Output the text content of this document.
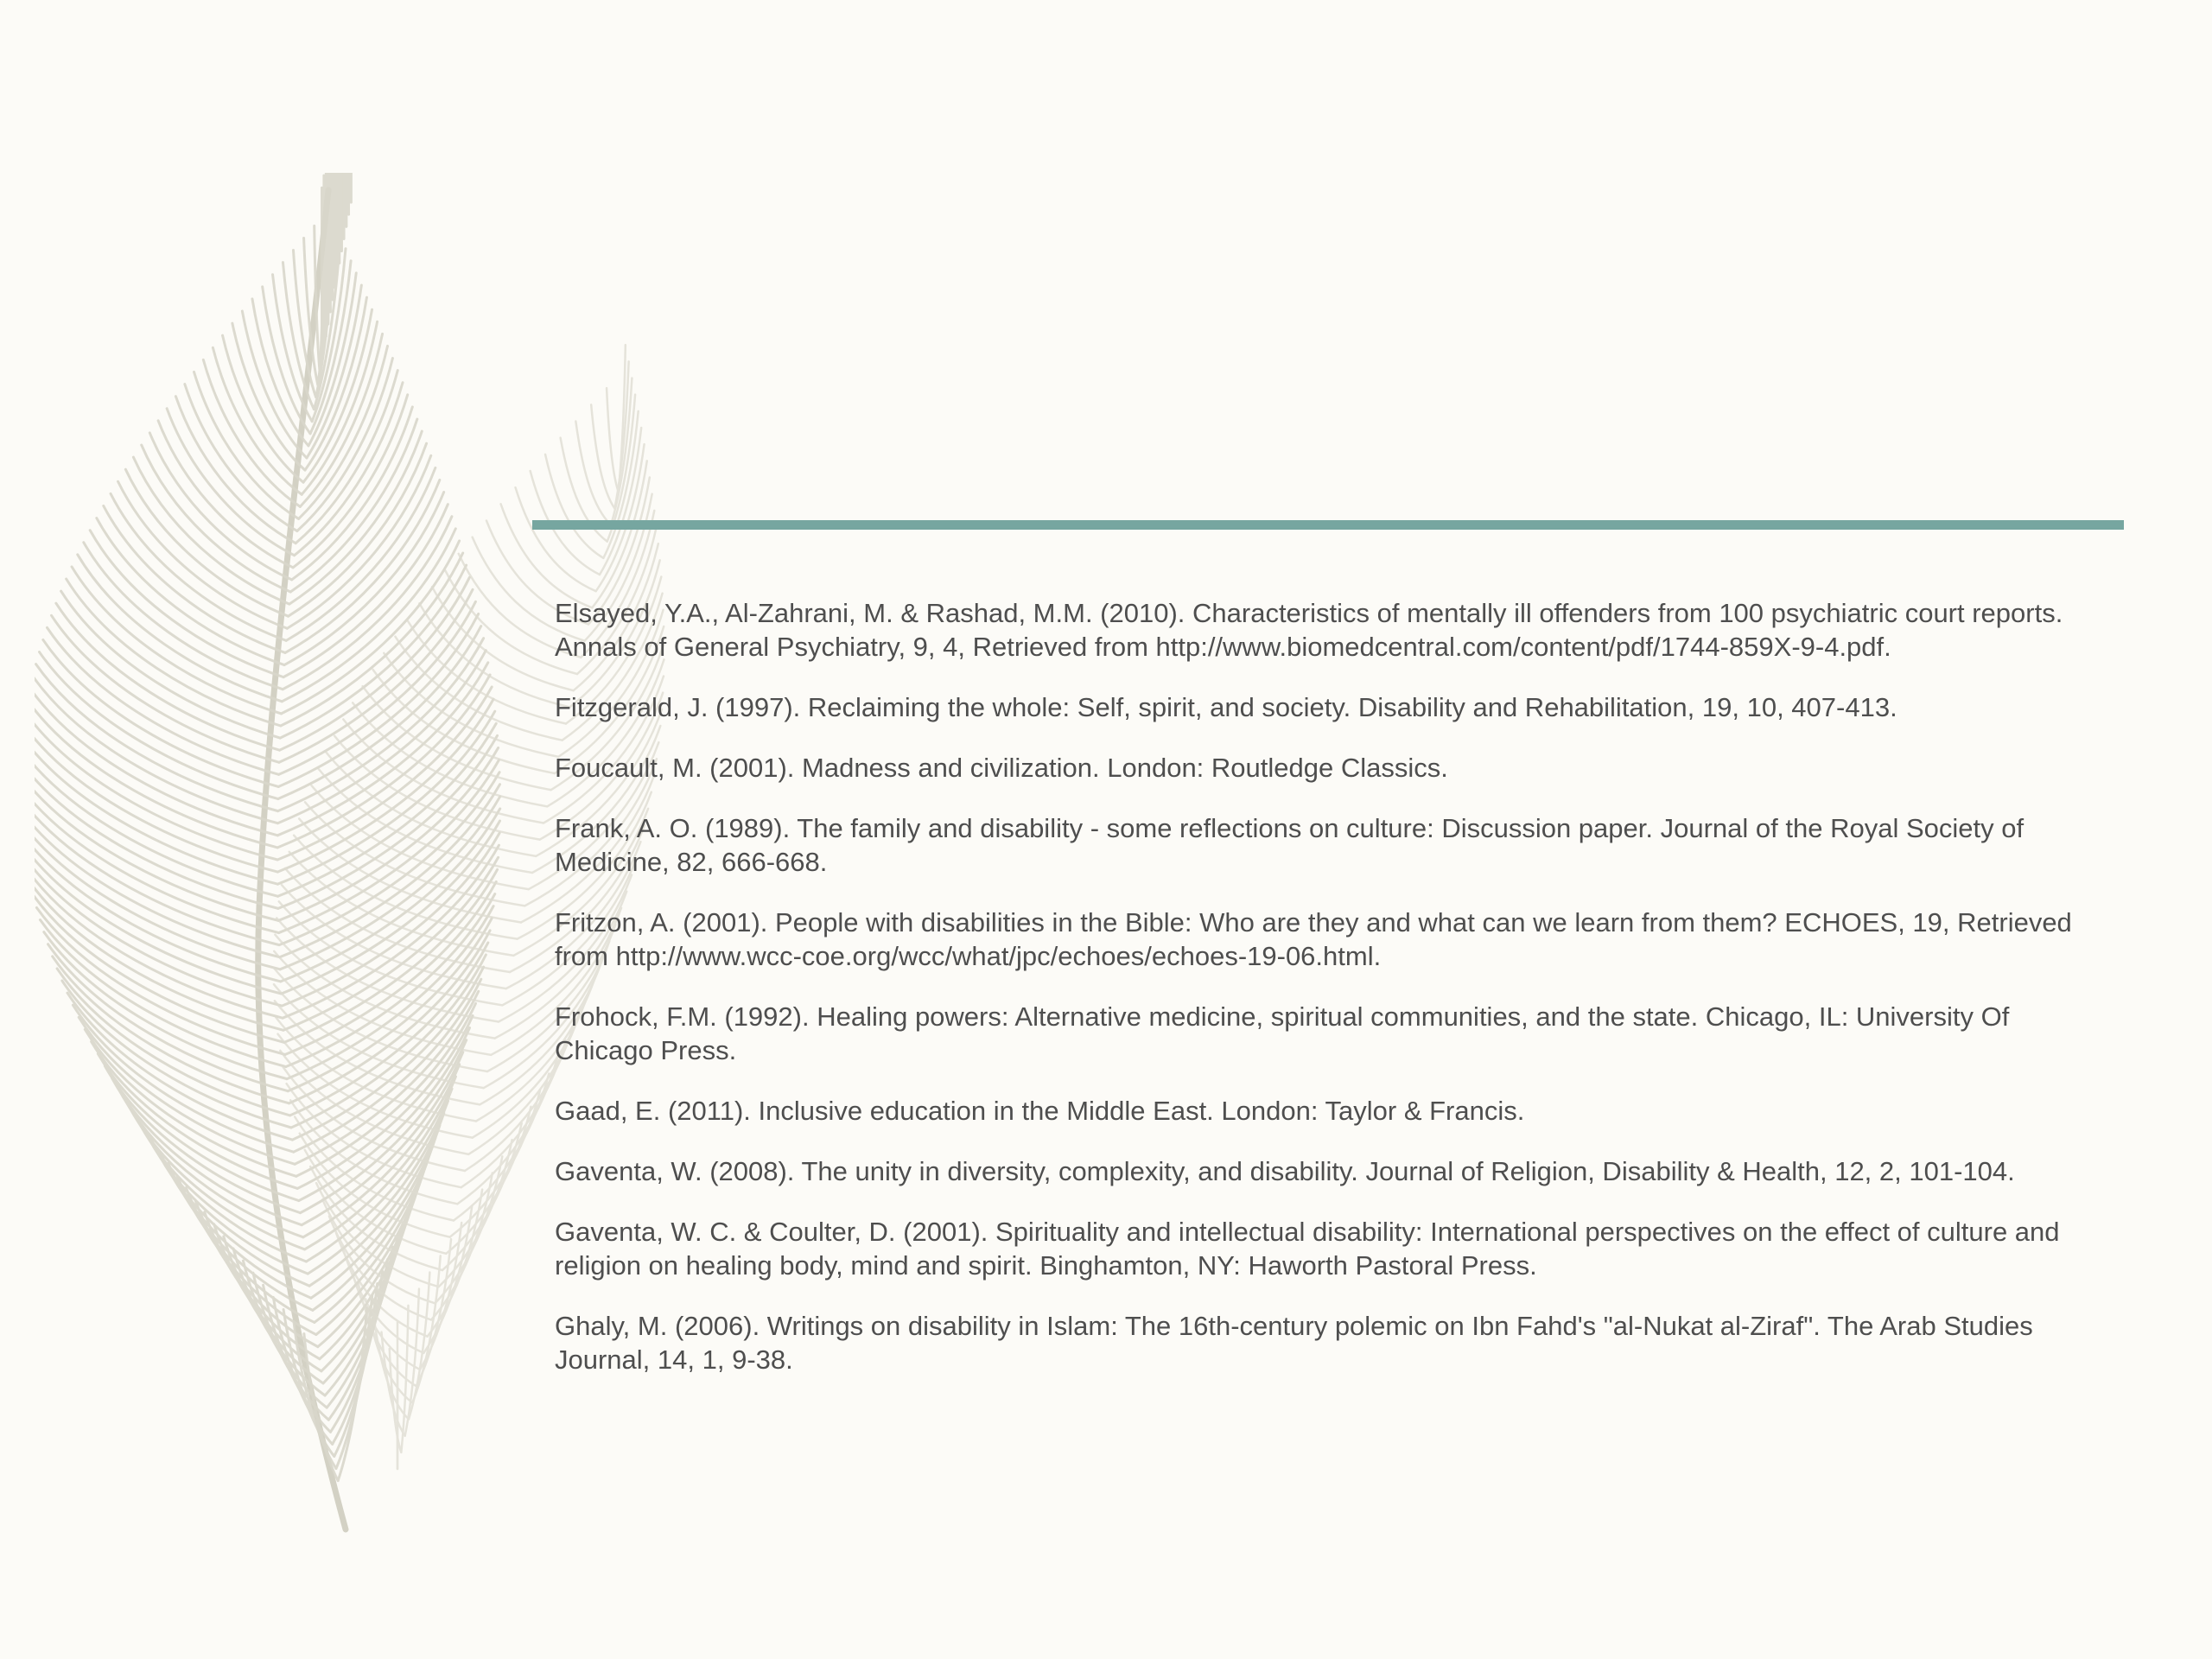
Elsayed, Y.A., Al-Zahrani, M. & Rashad, M.M. (2010). Characteristics of mentally ill offenders from 100 psychiatric court reports. Annals of General Psychiatry, 9, 4, Retrieved from http://www.biomedcentral.com/content/pdf/1744-859X-9-4.pdf.

Fitzgerald, J. (1997). Reclaiming the whole: Self, spirit, and society. Disability and Rehabilitation, 19, 10, 407-413.

Foucault, M. (2001). Madness and civilization. London: Routledge Classics.

Frank, A. O. (1989). The family and disability - some reflections on culture: Discussion paper. Journal of the Royal Society of Medicine, 82, 666-668.

Fritzon, A. (2001). People with disabilities in the Bible: Who are they and what can we learn from them? ECHOES, 19, Retrieved from http://www.wcc-coe.org/wcc/what/jpc/echoes/echoes-19-06.html.

Frohock, F.M. (1992). Healing powers: Alternative medicine, spiritual communities, and the state. Chicago, IL: University Of Chicago Press.

Gaad, E. (2011). Inclusive education in the Middle East. London: Taylor & Francis.

Gaventa, W. (2008). The unity in diversity, complexity, and disability. Journal of Religion, Disability & Health, 12, 2, 101-104.

Gaventa, W. C. & Coulter, D. (2001). Spirituality and intellectual disability: International perspectives on the effect of culture and religion on healing body, mind and spirit. Binghamton, NY: Haworth Pastoral Press.

Ghaly, M. (2006). Writings on disability in Islam: The 16th-century polemic on Ibn Fahd's "al-Nukat al-Ziraf". The Arab Studies Journal, 14, 1, 9-38.
